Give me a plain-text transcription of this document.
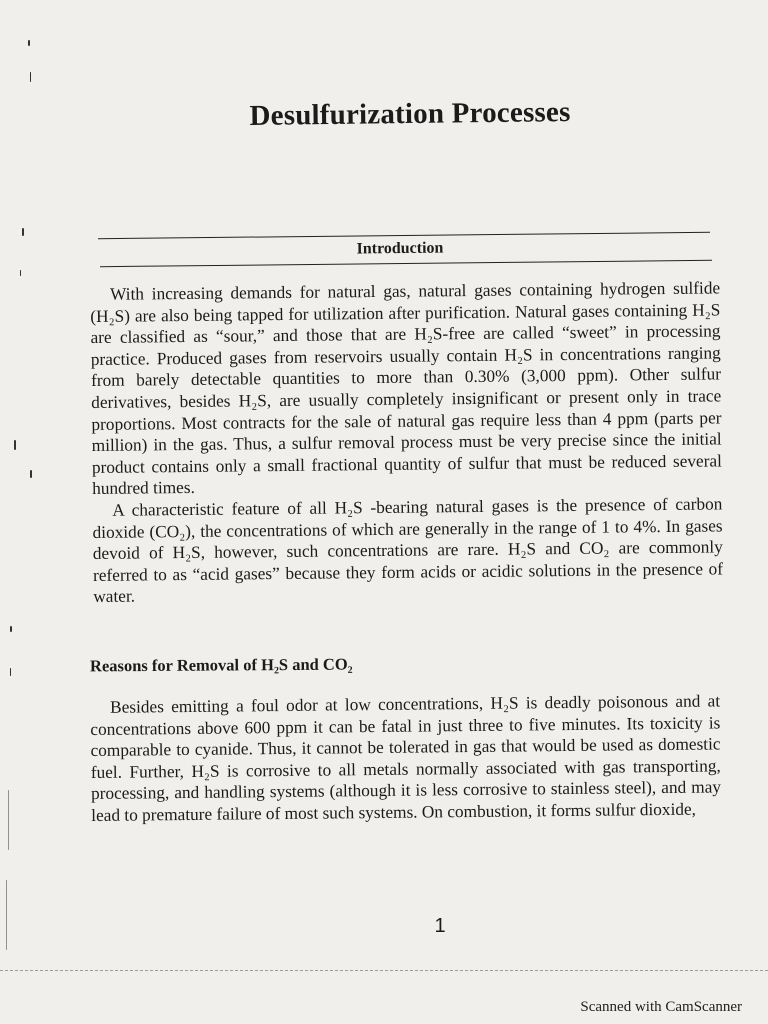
Desulfurization Processes
Introduction

With increasing demands for natural gas, natural gases containing hydrogen sulfide (H₂S) are also being tapped for utilization after purification. Natural gases containing H₂S are classified as “sour,” and those that are H₂S-free are called “sweet” in processing practice. Produced gases from reservoirs usually contain H₂S in concentrations ranging from barely detectable quantities to more than 0.30% (3,000 ppm). Other sulfur derivatives, besides H₂S, are usually completely insignificant or present only in trace proportions. Most contracts for the sale of natural gas require less than 4 ppm (parts per million) in the gas. Thus, a sulfur removal process must be very precise since the initial product contains only a small fractional quantity of sulfur that must be reduced several hundred times.

A characteristic feature of all H₂S -bearing natural gases is the presence of carbon dioxide (CO₂), the concentrations of which are generally in the range of 1 to 4%. In gases devoid of H₂S, however, such concentrations are rare. H₂S and CO₂ are commonly referred to as “acid gases” because they form acids or acidic solutions in the presence of water.

Reasons for Removal of H₂S and CO₂

Besides emitting a foul odor at low concentrations, H₂S is deadly poisonous and at concentrations above 600 ppm it can be fatal in just three to five minutes. Its toxicity is comparable to cyanide. Thus, it cannot be tolerated in gas that would be used as domestic fuel. Further, H₂S is corrosive to all metals normally associated with gas transporting, processing, and handling systems (although it is less corrosive to stainless steel), and may lead to premature failure of most such systems. On combustion, it forms sulfur dioxide,

1
Scanned with CamScanner
